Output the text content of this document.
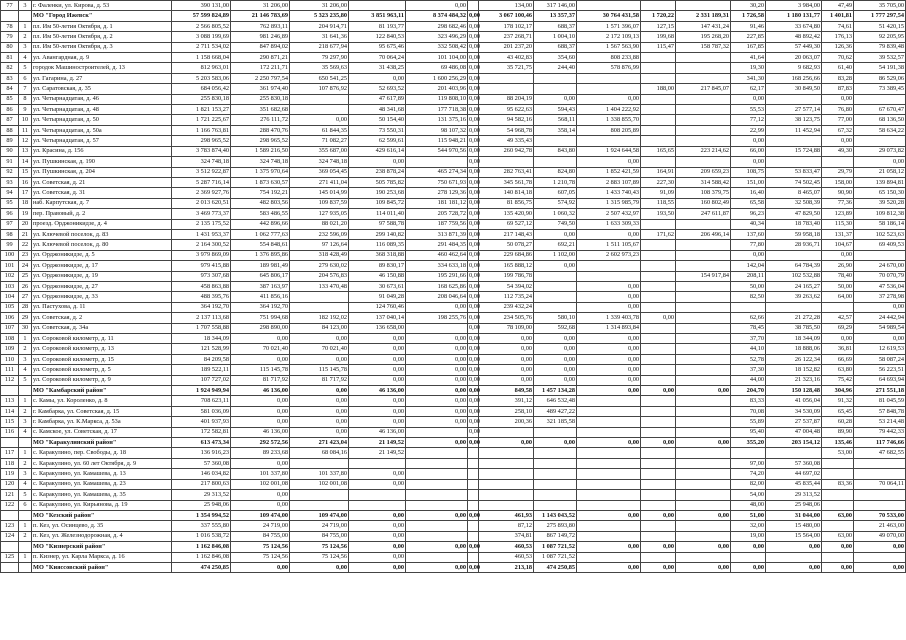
77	3	г. Фаленки, ул. Кирова, д. 53	390 131,00	31 206,00	31 206,00		0,00		134,00	317 146,00				30,20	3 984,00	47,49	35 705,00
		МО "Город Ижевск"	57 599 824,89	21 146 783,69	5 323 235,80	3 851 963,11	8 374 484,32	0,00	3 067 100,46	13 357,37	30 764 431,58	1 720,22	2 331 189,31	1 726,58	1 180 131,77	1 401,81	1 777 297,54
78	1	пл. Им 50-летия Октября, д. 1	2 566 805,52	762 893,11	204 914,71	81 193,77	298 682,46	0,00	178 102,17	688,37	1 571 396,07	127,15	147 431,24	91,46	33 674,80	74,61	51 420,15
79	2	пл. Им 50-летия Октября, д. 2	3 088 199,69	981 246,89	31 641,36	122 840,53	323 496,29	0,00	237 268,71	1 004,10	2 172 109,13	199,68	195 268,20	227,85	48 892,42	176,13	92 205,95
80	3	пл. Им 50-летия Октября, д. 3	2 711 534,02	847 894,02	218 677,94	95 675,46	332 508,42	0,00	201 237,20	688,37	1 567 563,90	115,47	158 787,32	167,85	57 449,30	126,36	79 839,48
81	4	ул. Авангардная, д. 9	1 158 668,04	290 871,21	79 297,90	70 064,24	101 104,00	0,00	43 402,83	354,60	808 233,88			41,64	20 063,07	70,62	39 532,57
82	5	городок Машиностроителей, д. 13	812 963,01	172 211,71	35 569,63	31 438,25	69 486,08	0,00	35 721,75	244,40	578 876,99			19,30	9 682,93	61,40	54 191,38
83	6	ул. Гагарина, д. 27	5 203 583,06	2 250 797,54	650 541,25	0,00	1 600 256,29	0,00						341,30	168 256,66	83,28	86 529,06
84	7	ул. Саратовская, д. 35	684 056,42	361 974,40	107 876,92	52 693,52	201 403,96	0,00				188,00	217 845,07	62,17	30 849,50	87,83	73 389,45
85	8	ул. Четырнадцатая, д. 46	255 830,18	255 830,18		47 617,89	119 808,10	0,00	88 204,19	0,00	0,00			0,00		0,00	
86	9	ул. Четырнадцатая, д. 48	1 821 153,27	351 682,68		48 341,68	177 718,38	0,00	95 622,63	594,43	1 404 222,92			55,53	27 577,14	76,80	67 670,47
87	10	ул. Четырнадцатая, д. 50	1 721 225,67	276 111,72	0,00	50 154,40	131 375,16	0,00	94 582,16	568,11	1 338 855,70			77,12	38 123,75	77,00	68 136,50
88	11	ул. Четырнадцатая, д. 50а	1 166 763,81	288 470,76	61 844,35	73 550,31	98 107,32	0,00	54 968,78	358,14	808 205,89			22,99	11 452,94	67,32	58 634,22
89	12	ул. Четырнадцатая, д. 57	298 965,52	298 965,52	71 082,27	62 599,61	115 948,21	0,00	49 335,43					0,00		0,00	
90	13	ул. Красина, д. 156	3 783 874,40	1 589 216,50	355 687,00	429 616,14	544 970,56	0,00	260 942,78	843,80	1 924 644,58	165,65	223 214,62	66,00	15 724,88	49,30	29 073,82
91	14	ул. Пушкинская, д. 190	324 748,18	324 748,18	324 748,18	0,00		0,00			0,00			0,00			0,00
92	15	ул. Пушкинская, д. 204	3 512 922,87	1 375 970,64	369 054,45	238 878,24	465 274,34	0,00	282 763,41	824,80	1 852 421,59	164,91	209 659,23	108,75	53 833,47	29,79	21 058,12
93	16	ул. Советская, д. 21	5 287 716,14	1 873 630,57	271 411,04	505 785,82	750 671,93	0,00	345 561,78	1 210,78	2 883 107,89	227,30	314 588,42	151,00	74 502,45	158,00	139 894,81
94	17	ул. Советская, д. 31	2 369 927,76	754 192,21	145 014,99	190 253,68	278 129,36	0,00	140 814,18	607,05	1 433 740,43	91,09	108 379,75	16,40	8 465,07	90,90	65 150,30
95	18	наб. Карпутская, д. 7	2 013 620,51	482 803,56	109 837,59	109 845,72	181 181,12	0,00	81 856,75	574,92	1 315 985,79	118,55	160 802,49	65,58	32 508,39	77,36	39 520,28
96	19	пер. Правовый, д. 2	3 469 773,37	583 486,55	127 935,05	114 011,40	205 728,72	0,00	135 420,90	1 060,32	2 507 432,97	193,50	247 611,87	96,23	47 829,50	123,89	109 812,38
97	20	проезд. Орджоникидзе, д. 4	2 135 175,52	442 896,66	88 021,20	97 588,78	187 759,56	0,00	69 527,12	749,50	1 633 309,33			40,34	18 783,40	115,30	58 186,14
98	21	ул. Ключевой поселок, д. 83	1 431 953,37	1 062 777,63	232 596,09	299 140,82	313 871,39	0,00	217 148,43	0,00	0,00	171,62	206 496,14	137,60	59 958,18	131,37	102 523,63
99	22	ул. Ключевой поселок, д. 80	2 164 300,52	554 848,61	97 126,64	116 089,35	291 484,35	0,00	50 078,27	692,21	1 511 105,67			77,80	28 936,71	104,67	69 409,53
100	23	ул. Орджоникидзе, д. 5	3 979 869,09	1 376 895,86	318 428,49	368 318,88	460 462,64	0,00	229 684,86	1 102,00	2 602 973,23			0,00		0,00	
101	24	ул. Орджоникидзе, д. 17	979 415,88	189 981,49	279 630,02	89 830,17	334 633,18	0,00	165 888,12	0,00				142,04	64 784,39	26,90	24 670,00
102	25	ул. Орджоникидзе, д. 19	973 307,68	645 806,17	204 576,83	46 150,88	195 291,66	0,00	199 786,78				154 917,84	208,11	102 532,88	78,40	70 070,79
103	26	ул. Орджоникидзе, д. 27	458 863,88	387 163,97	133 470,48	30 673,61	168 625,86	0,00	54 394,02		0,00			50,00	24 165,27	50,00	47 536,04
104	27	ул. Орджоникидзе, д. 33	488 395,76	411 856,16		91 049,28	208 046,64	0,00	112 735,24		0,00			82,50	39 263,62	64,00	37 278,98
105	28	ул. Пастухова, д. 11	364 192,70	364 192,70		124 760,46	0,00	0,00	239 432,24		0,00						0,00
106	29	ул. Советская, д. 2	2 137 113,68	751 994,68	182 192,02	137 040,14	198 255,76	0,00	234 505,76	580,10	1 339 403,78	0,00		62,66	21 272,28	42,57	24 442,94
107	30	ул. Советская, д. 34а	1 707 558,88	298 890,00	84 123,00	136 658,00		0,00	78 109,00	592,68	1 314 893,84			78,45	38 785,50	69,29	54 989,54
108	1	ул. Сороковой километр, д. 11	18 344,09	0,00	0,00	0,00	0,00	0,00	0,00	0,00	0,00			37,70	18 344,09	0,00	0,00
109	2	ул. Сороковой километр, д. 13	121 528,99	70 021,40	70 021,40	0,00	0,00	0,00	0,00	0,00	0,00			44,10	18 888,06	36,81	12 619,53
110	3	ул. Сороковой километр, д. 15	84 209,58	0,00	0,00	0,00	0,00	0,00	0,00	0,00	0,00			52,78	26 122,34	66,69	58 087,24
111	4	ул. Сороковой километр, д. 5	189 522,11	115 145,78	115 145,78	0,00	0,00	0,00	0,00	0,00	0,00			37,30	18 152,82	63,80	56 223,51
112	5	ул. Сороковой километр, д. 9	107 727,02	81 717,92	81 717,92	0,00	0,00	0,00	0,00	0,00	0,00			44,00	21 323,16	75,42	64 693,94
		МО "Камбарский район"	1 924 949,94	46 136,00	0,00	46 136,00	0,00	0,00	849,58	1 457 134,28	0,00	0,00	0,00	204,70	150 128,48	304,96	271 551,18
113	1	с. Камы, ул. Короленко, д. 8	708 623,11	0,00	0,00	0,00	0,00	0,00	391,12	646 532,48				83,33	41 056,04	91,32	81 045,59
114	2	г. Камбарка, ул. Советская, д. 15	581 036,09	0,00	0,00	0,00	0,00	0,00	258,10	489 427,22				70,08	34 530,09	65,45	57 848,78
115	3	г. Камбарка, ул. К.Маркса, д. 53а	401 937,93	0,00	0,00	0,00	0,00	0,00	200,36	321 185,58				55,89	27 537,87	60,28	53 214,48
116	4	с. Камское, ул. Советская, д. 17	172 582,81	46 136,00	0,00	46 136,00		0,00						95,40	47 004,48	89,90	79 442,33
		МО "Каракулинский район"	613 473,34	292 572,56	271 423,04	21 149,52	0,00	0,00	0,00	0,00	0,00	0,00	0,00	355,20	203 154,12	135,46	117 746,66
117	1	с. Каракулино, пер. Свободы, д. 18	136 916,23	89 233,68	68 084,16	21 149,52										53,00	47 682,55
118	2	с. Каракулино, ул. 60 лет Октября, д. 9	57 360,08	0,00										97,00	57 360,08		
119	3	с. Каракулино, ул. Камашева, д. 13	146 034,82	101 337,80	101 337,80	0,00								74,20	44 697,02		
120	4	с. Каракулино, ул. Камашева, д. 23	217 800,63	102 001,08	102 001,08	0,00								82,00	45 835,44	83,36	70 064,11
121	5	с. Каракулино, ул. Камашева, д. 35	29 313,52	0,00										54,00	29 313,52		
122	6	с. Каракулино, ул. Кирьянова, д. 19	25 948,06	0,00										48,00	25 948,06		
		МО "Кезский район"	1 354 994,52	109 474,00	109 474,00	0,00	0,00	0,00	461,93	1 143 043,52	0,00	0,00	0,00	51,00	31 044,00	63,00	70 533,00
123	1	п. Кез, ул. Осинцево, д. 35	337 555,80	24 719,00	24 719,00	0,00			87,12	275 893,80				32,00	15 480,00		21 463,00
124	2	п. Кез, ул. Железнодорожная, д. 4	1 016 538,72	84 755,00	84 755,00	0,00			374,81	867 149,72				19,00	15 564,00	63,00	49 070,00
		МО "Кизнерский район"	1 162 846,08	75 124,56	75 124,56	0,00	0,00	0,00	460,53	1 087 721,52	0,00	0,00	0,00	0,00	0,00	0,00	0,00
125	1	п. Кизнер, ул. Карла Маркса, д. 16	1 162 846,08	75 124,56	75 124,56	0,00			460,53	1 087 721,52							
		МО "Кияссовский район"	474 250,85	0,00	0,00	0,00	0,00	0,00	213,18	474 250,85	0,00	0,00	0,00	0,00	0,00	0,00	0,00
